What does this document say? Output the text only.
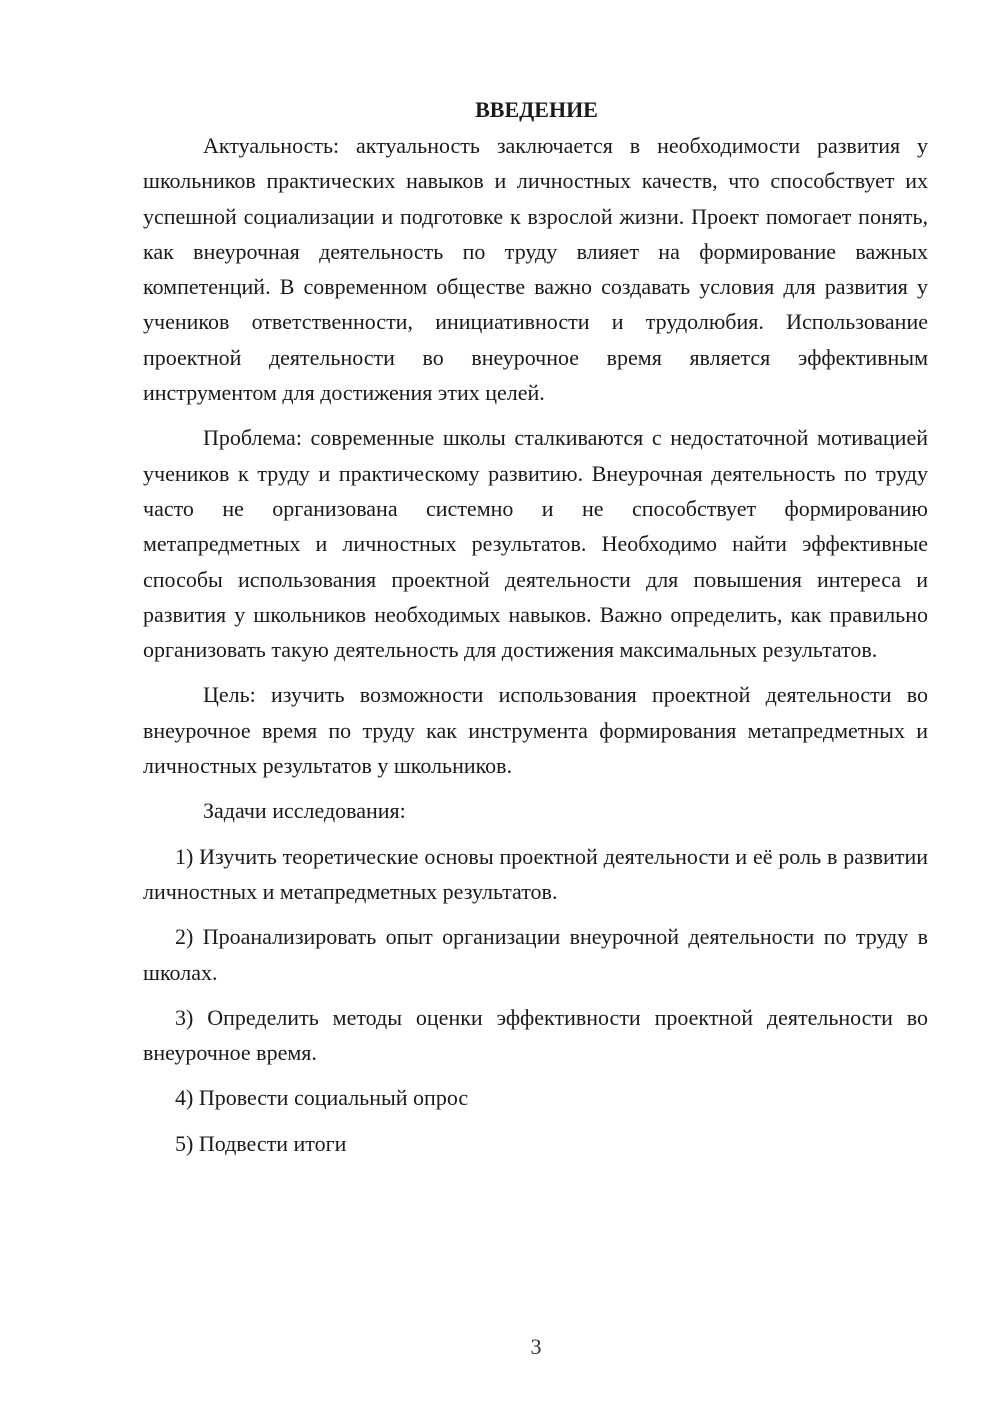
ВВЕДЕНИЕ

Актуальность: актуальность заключается в необходимости развития у школьников практических навыков и личностных качеств, что способствует их успешной социализации и подготовке к взрослой жизни. Проект помогает понять, как внеурочная деятельность по труду влияет на формирование важных компетенций. В современном обществе важно создавать условия для развития у учеников ответственности, инициативности и трудолюбия. Использование проектной деятельности во внеурочное время является эффективным инструментом для достижения этих целей.

Проблема: современные школы сталкиваются с недостаточной мотивацией учеников к труду и практическому развитию. Внеурочная деятельность по труду часто не организована системно и не способствует формированию метапредметных и личностных результатов. Необходимо найти эффективные способы использования проектной деятельности для повышения интереса и развития у школьников необходимых навыков. Важно определить, как правильно организовать такую деятельность для достижения максимальных результатов.

Цель: изучить возможности использования проектной деятельности во внеурочное время по труду как инструмента формирования метапредметных и личностных результатов у школьников.

Задачи исследования:

1) Изучить теоретические основы проектной деятельности и её роль в развитии личностных и метапредметных результатов.

2) Проанализировать опыт организации внеурочной деятельности по труду в школах.

3) Определить методы оценки эффективности проектной деятельности во внеурочное время.

4) Провести социальный опрос

5) Подвести итоги

3
